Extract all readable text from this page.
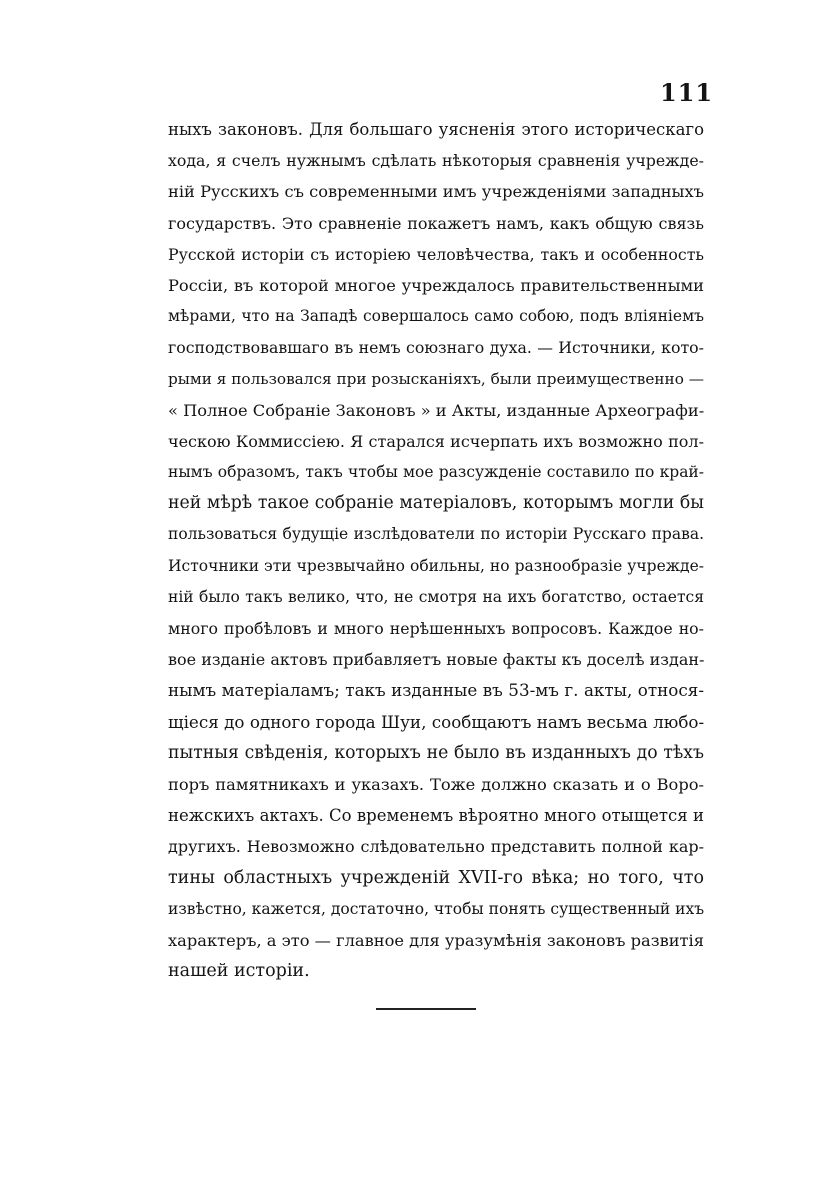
111
ныхъ законовъ. Для большаго уясненія этого историческаго
хода, я счелъ нужнымъ сдѣлать нѣкоторыя сравненія учрежде-
ній Русскихъ съ современными имъ учрежденіями западныхъ
государствъ. Это сравненіе покажетъ намъ, какъ общую связь
Русской исторіи съ исторіею человѣчества, такъ и особенность
Россіи, въ которой многое учреждалось правительственными
мѣрами, что на Западѣ совершалось само собою, подъ вліяніемъ
господствовавшаго въ немъ союзнаго духа. — Источники, кото-
рыми я пользовался при розысканіяхъ, были преимущественно —
« Полное Собраніе Законовъ » и Акты, изданные Археографи-
ческою Коммиссіею. Я старался исчерпать ихъ возможно пол-
нымъ образомъ, такъ чтобы мое разсужденіе составило по край-
ней мѣрѣ такое собраніе матеріаловъ, которымъ могли бы
пользоваться будущіе изслѣдователи по исторіи Русскаго права.
Источники эти чрезвычайно обильны, но разнообразіе учрежде-
ній было такъ велико, что, не смотря на ихъ богатство, остается
много пробѣловъ и много нерѣшенныхъ вопросовъ. Каждое но-
вое изданіе актовъ прибавляетъ новые факты къ доселѣ издан-
нымъ матеріаламъ; такъ изданные въ 53-мъ г. акты, относя-
щіеся до одного города Шуи, сообщаютъ намъ весьма любо-
пытныя свѣденія, которыхъ не было въ изданныхъ до тѣхъ
поръ памятникахъ и указахъ. Тоже должно сказать и о Воро-
нежскихъ актахъ. Со временемъ вѣроятно много отыщется и
другихъ. Невозможно слѣдовательно представить полной кар-
тины областныхъ учрежденій XVII-го вѣка; но того, что
извѣстно, кажется, достаточно, чтобы понять существенный ихъ
характеръ, а это — главное для уразумѣнія законовъ развитія
нашей исторіи.
